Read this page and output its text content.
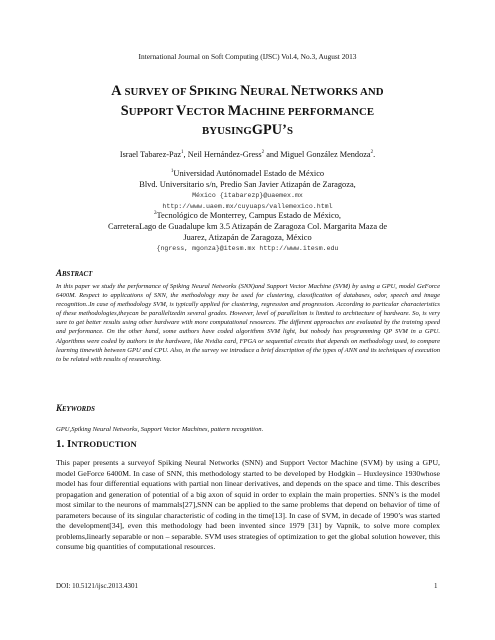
International Journal on Soft Computing (IJSC) Vol.4, No.3, August 2013
A SURVEY OF SPIKING NEURAL NETWORKS AND
SUPPORT VECTOR MACHINE PERFORMANCE
BYUSINGGPU’S
Israel Tabarez-Paz$^1$, Neil Hernández-Gress$^2$ and Miguel González Mendoza$^2$.
$^1$Universidad Autónomadel Estado de México
Blvd. Universitario s/n, Predio San Javier Atizapán de Zaragoza,
México {itabarezp}@uaemex.mx
http://www.uaem.mx/cuyuaps/vallemexico.html
$^2$Tecnológico de Monterrey, Campus Estado de México,
CarreteraLago de Guadalupe km 3.5 Atizapán de Zaragoza Col. Margarita Maza de
Juarez, Atizapán de Zaragoza, México
{ngress, mgonza}@itesm.mx http://www.itesm.edu
ABSTRACT
In this paper we study the performance of Spiking Neural Networks (SNN)and Support Vector Machine (SVM) by using a GPU, model GeForce 6400M. Respect to applications of SNN, the methodology may be used for clustering, classification of databases, odor, speech and image recognition..In case of methodology SVM, is typically applied for clustering, regression and progression. According to particular characteristics of these methodologies,theycan be parallelizedin several grades. However, level of parallelism is limited to architecture of hardware. So, is very sure to get better results using other hardware with more computational resources. The different approaches are evaluated by the training speed and performance. On the other hand, some authors have coded algorithms SVM light, but nobody has programming QP SVM in a GPU. Algorithms were coded by authors in the hardware, like Nvidia card, FPGA or sequential circuits that depends on methodology used, to compare learning timewith between GPU and CPU. Also, in the survey we introduce a brief description of the types of ANN and its techniques of execution to be related with results of researching.
KEYWORDS
GPU,Spiking Neural Networks, Support Vector Machines, pattern recognition.
1. INTRODUCTION
This paper presents a surveyof Spiking Neural Networks (SNN) and Support Vector Machine (SVM) by using a GPU, model GeForce 6400M. In case of SNN, this methodology started to be developed by Hodgkin – Huxleysince 1930whose model has four differential equations with partial non linear derivatives, and depends on the space and time. This describes propagation and generation of potential of a big axon of squid in order to explain the main properties. SNN’s is the model most similar to the neurons of mammals[27],SNN can be applied to the same problems that depend on behavior of time of parameters because of its singular characteristic of coding in the time[13]. In case of SVM, in decade of 1990’s was started the development[34], even this methodology had been invented since 1979 [31] by Vapnik, to solve more complex problems,linearly separable or non – separable. SVM uses strategies of optimization to get the global solution however, this consume big quantities of computational resources.
DOI: 10.5121/ijsc.2013.4301	1
